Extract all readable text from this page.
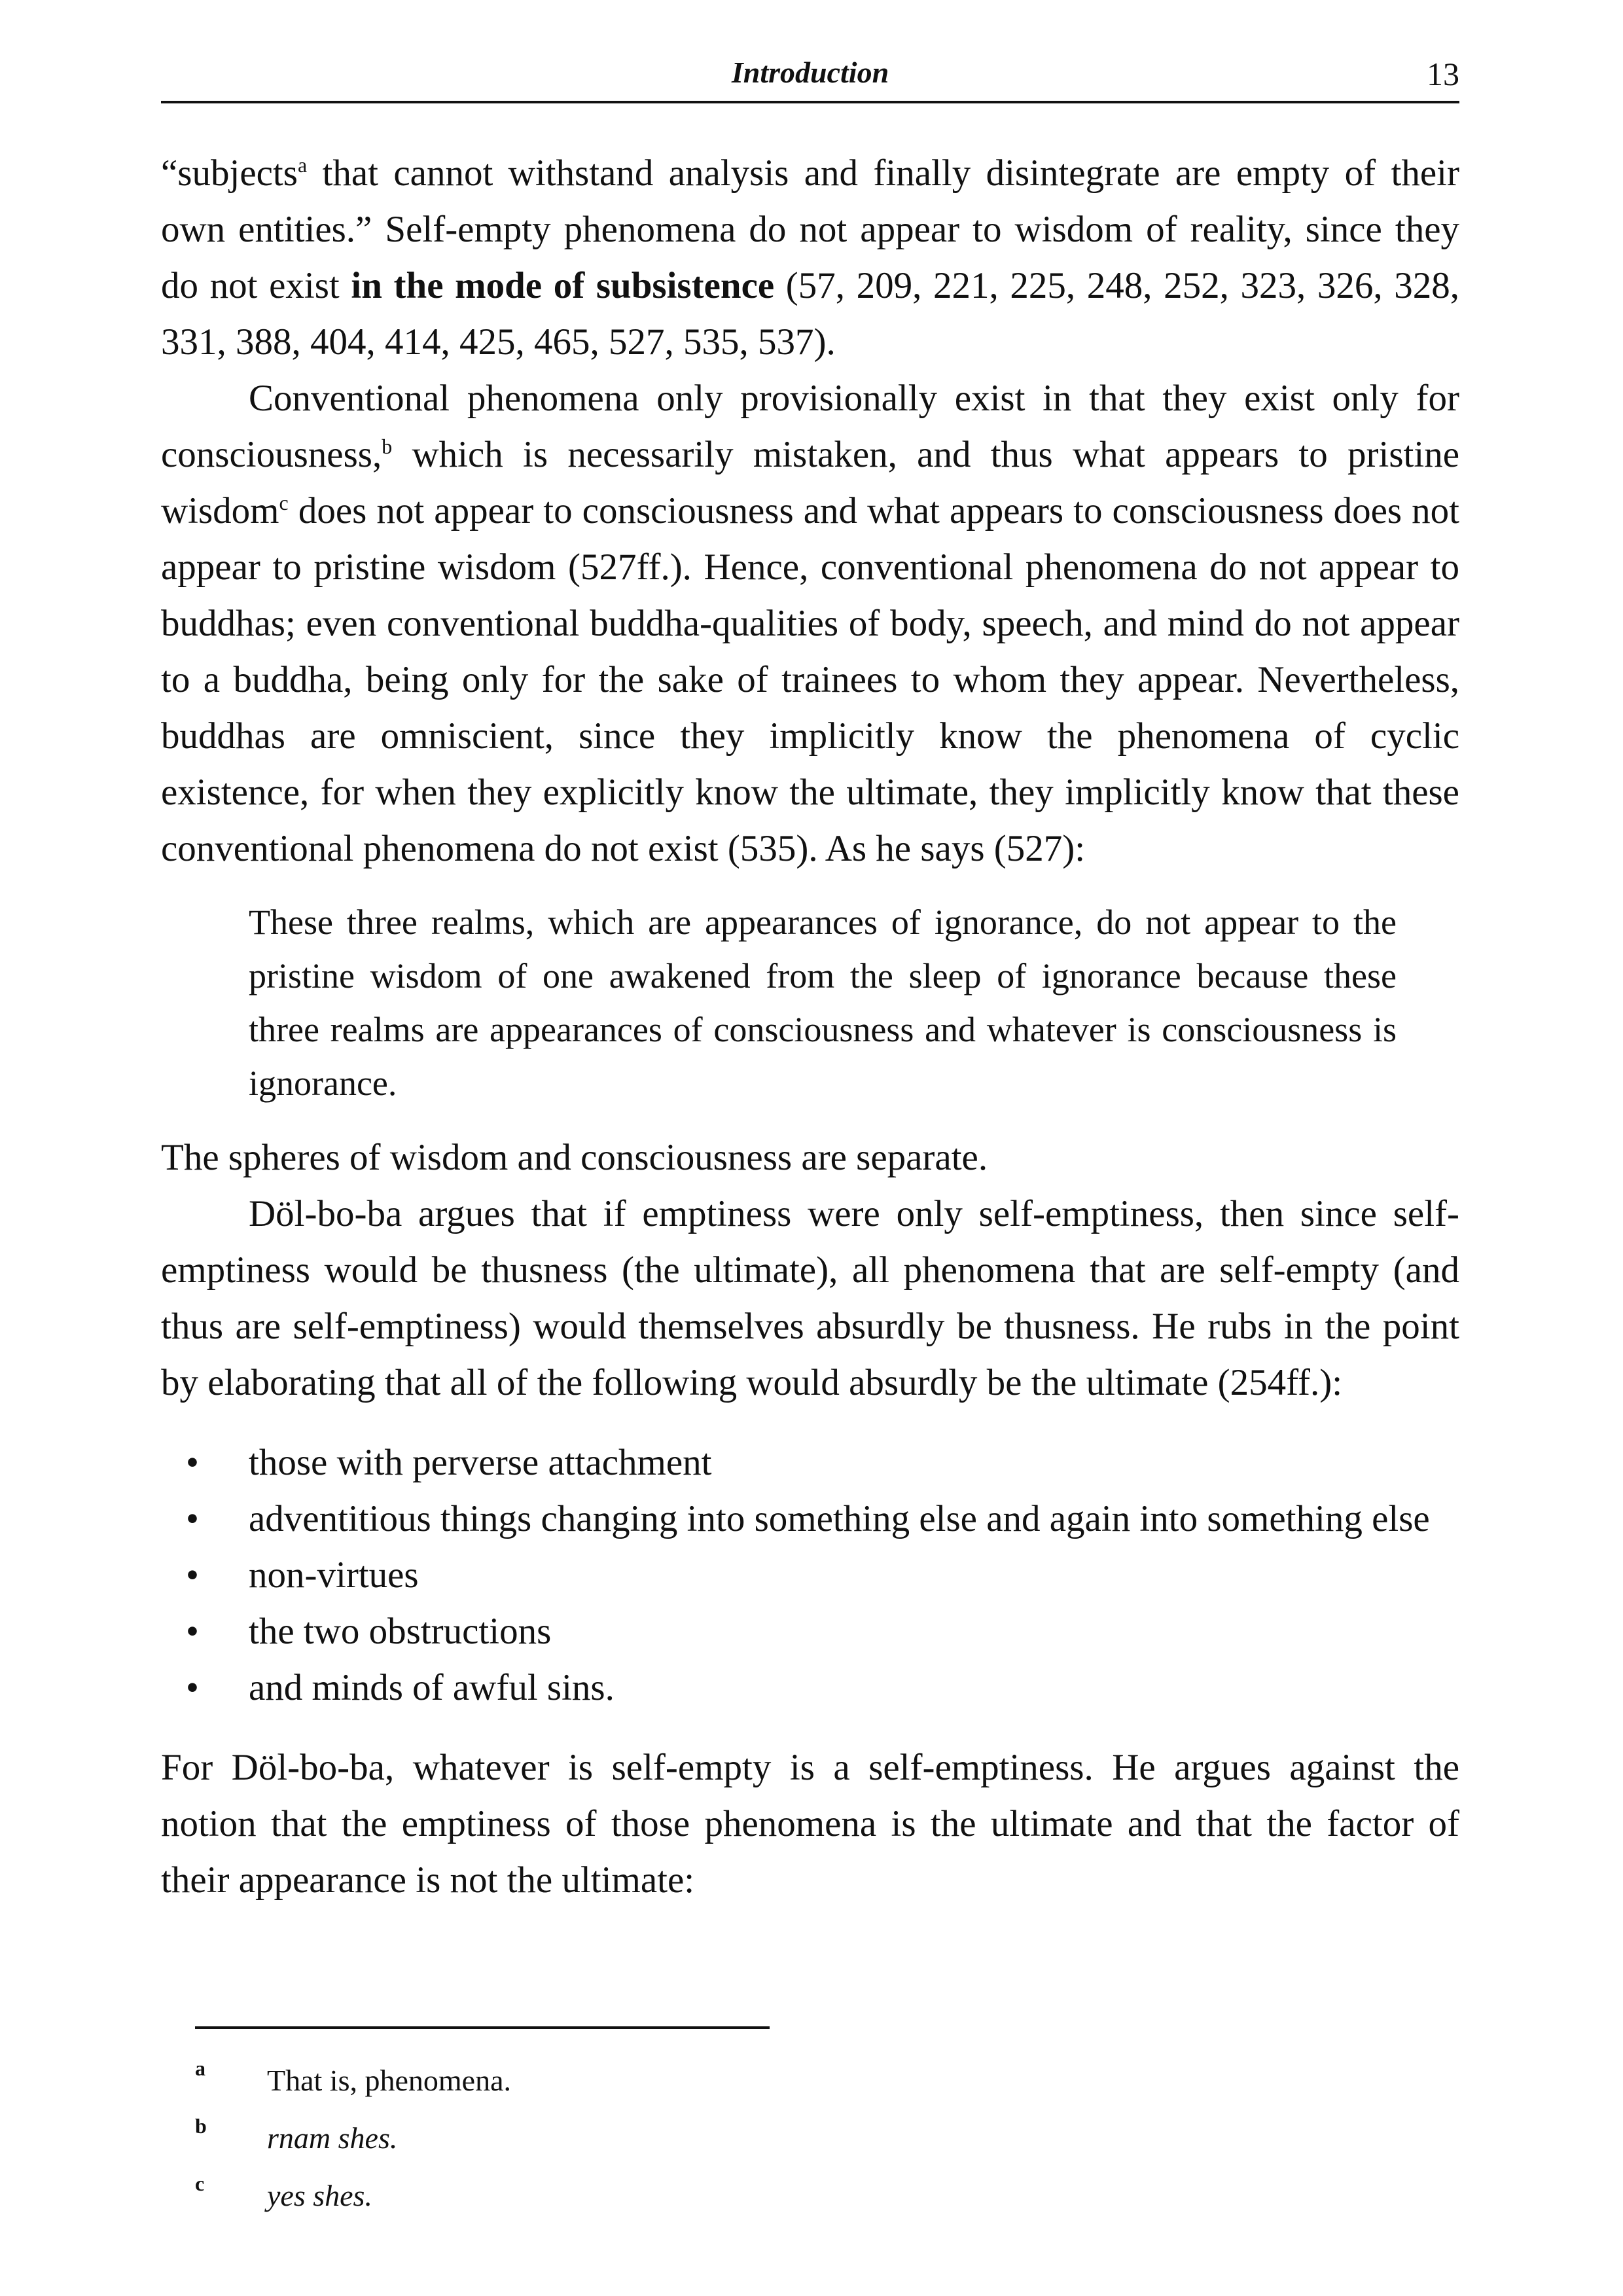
Introduction	13

“subjects$^a$ that cannot withstand analysis and finally disintegrate are empty of their own entities.” Self-empty phenomena do not appear to wisdom of reality, since they do not exist in the mode of subsistence (57, 209, 221, 225, 248, 252, 323, 326, 328, 331, 388, 404, 414, 425, 465, 527, 535, 537).

Conventional phenomena only provisionally exist in that they exist only for consciousness,$^b$ which is necessarily mistaken, and thus what appears to pristine wisdom$^c$ does not appear to consciousness and what appears to consciousness does not appear to pristine wisdom (527ff.). Hence, conventional phenomena do not appear to buddhas; even conventional buddha-qualities of body, speech, and mind do not appear to a buddha, being only for the sake of trainees to whom they appear. Nevertheless, buddhas are omniscient, since they implicitly know the phenomena of cyclic existence, for when they explicitly know the ultimate, they implicitly know that these conventional phenomena do not exist (535). As he says (527):

These three realms, which are appearances of ignorance, do not appear to the pristine wisdom of one awakened from the sleep of ignorance because these three realms are appearances of consciousness and whatever is consciousness is ignorance.

The spheres of wisdom and consciousness are separate.

Döl-bo-ba argues that if emptiness were only self-emptiness, then since self-emptiness would be thusness (the ultimate), all phenomena that are self-empty (and thus are self-emptiness) would themselves absurdly be thusness. He rubs in the point by elaborating that all of the following would absurdly be the ultimate (254ff.):

• those with perverse attachment
• adventitious things changing into something else and again into something else
• non-virtues
• the two obstructions
• and minds of awful sins.

For Döl-bo-ba, whatever is self-empty is a self-emptiness. He argues against the notion that the emptiness of those phenomena is the ultimate and that the factor of their appearance is not the ultimate:

a That is, phenomena.
b rnam shes.
c yes shes.
